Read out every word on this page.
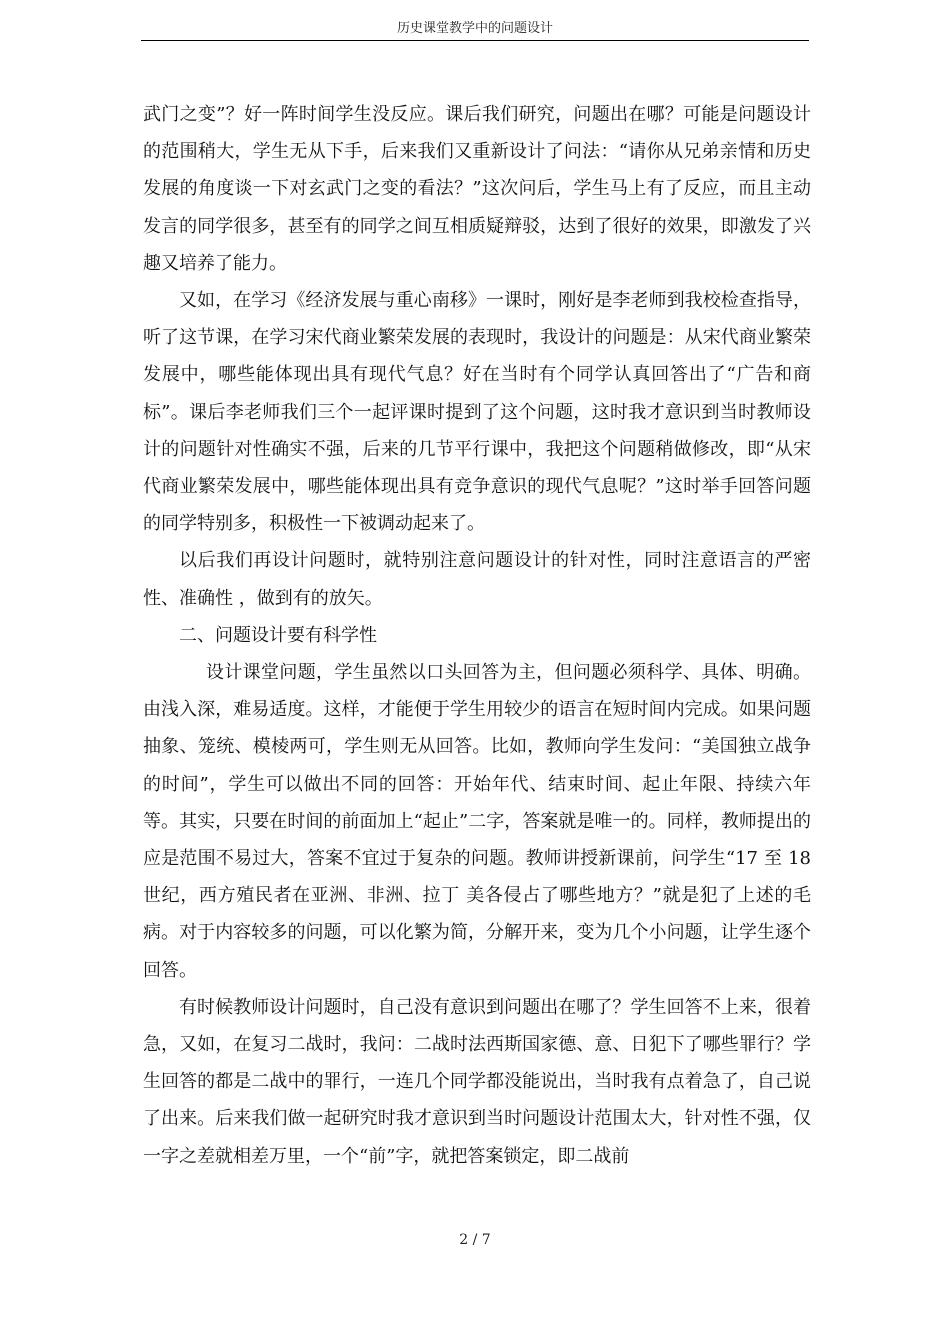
历史课堂教学中的问题设计

武门之变”？好一阵时间学生没反应。课后我们研究，问题出在哪？可能是问题设计的范围稍大，学生无从下手，后来我们又重新设计了问法：“请你从兄弟亲情和历史发展的角度谈一下对玄武门之变的看法？”这次问后，学生马上有了反应，而且主动发言的同学很多，甚至有的同学之间互相质疑辩驳，达到了很好的效果，即激发了兴趣又培养了能力。

又如，在学习《经济发展与重心南移》一课时，刚好是李老师到我校检查指导，听了这节课，在学习宋代商业繁荣发展的表现时，我设计的问题是：从宋代商业繁荣发展中，哪些能体现出具有现代气息？好在当时有个同学认真回答出了“广告和商标”。课后李老师我们三个一起评课时提到了这个问题，这时我才意识到当时教师设计的问题针对性确实不强，后来的几节平行课中，我把这个问题稍做修改，即“从宋代商业繁荣发展中，哪些能体现出具有竞争意识的现代气息呢？”这时举手回答问题的同学特别多，积极性一下被调动起来了。

以后我们再设计问题时，就特别注意问题设计的针对性，同时注意语言的严密性、准确性 ，做到有的放矢。

二、问题设计要有科学性

设计课堂问题，学生虽然以口头回答为主，但问题必须科学、具体、明确。由浅入深，难易适度。这样，才能便于学生用较少的语言在短时间内完成。如果问题抽象、笼统、模棱两可，学生则无从回答。比如，教师向学生发问：“美国独立战争的时间”，学生可以做出不同的回答：开始年代、结束时间、起止年限、持续六年等。其实，只要在时间的前面加上“起止”二字，答案就是唯一的。同样，教师提出的应是范围不易过大，答案不宜过于复杂的问题。教师讲授新课前，问学生“17 至 18 世纪，西方殖民者在亚洲、非洲、拉丁 美各侵占了哪些地方？”就是犯了上述的毛病。对于内容较多的问题，可以化繁为简，分解开来，变为几个小问题，让学生逐个回答。

有时候教师设计问题时，自己没有意识到问题出在哪了？学生回答不上来，很着急，又如，在复习二战时，我问：二战时法西斯国家德、意、日犯下了哪些罪行？学生回答的都是二战中的罪行，一连几个同学都没能说出，当时我有点着急了，自己说了出来。后来我们做一起研究时我才意识到当时问题设计范围太大，针对性不强，仅一字之差就相差万里，一个“前”字，就把答案锁定，即二战前

2 / 7
